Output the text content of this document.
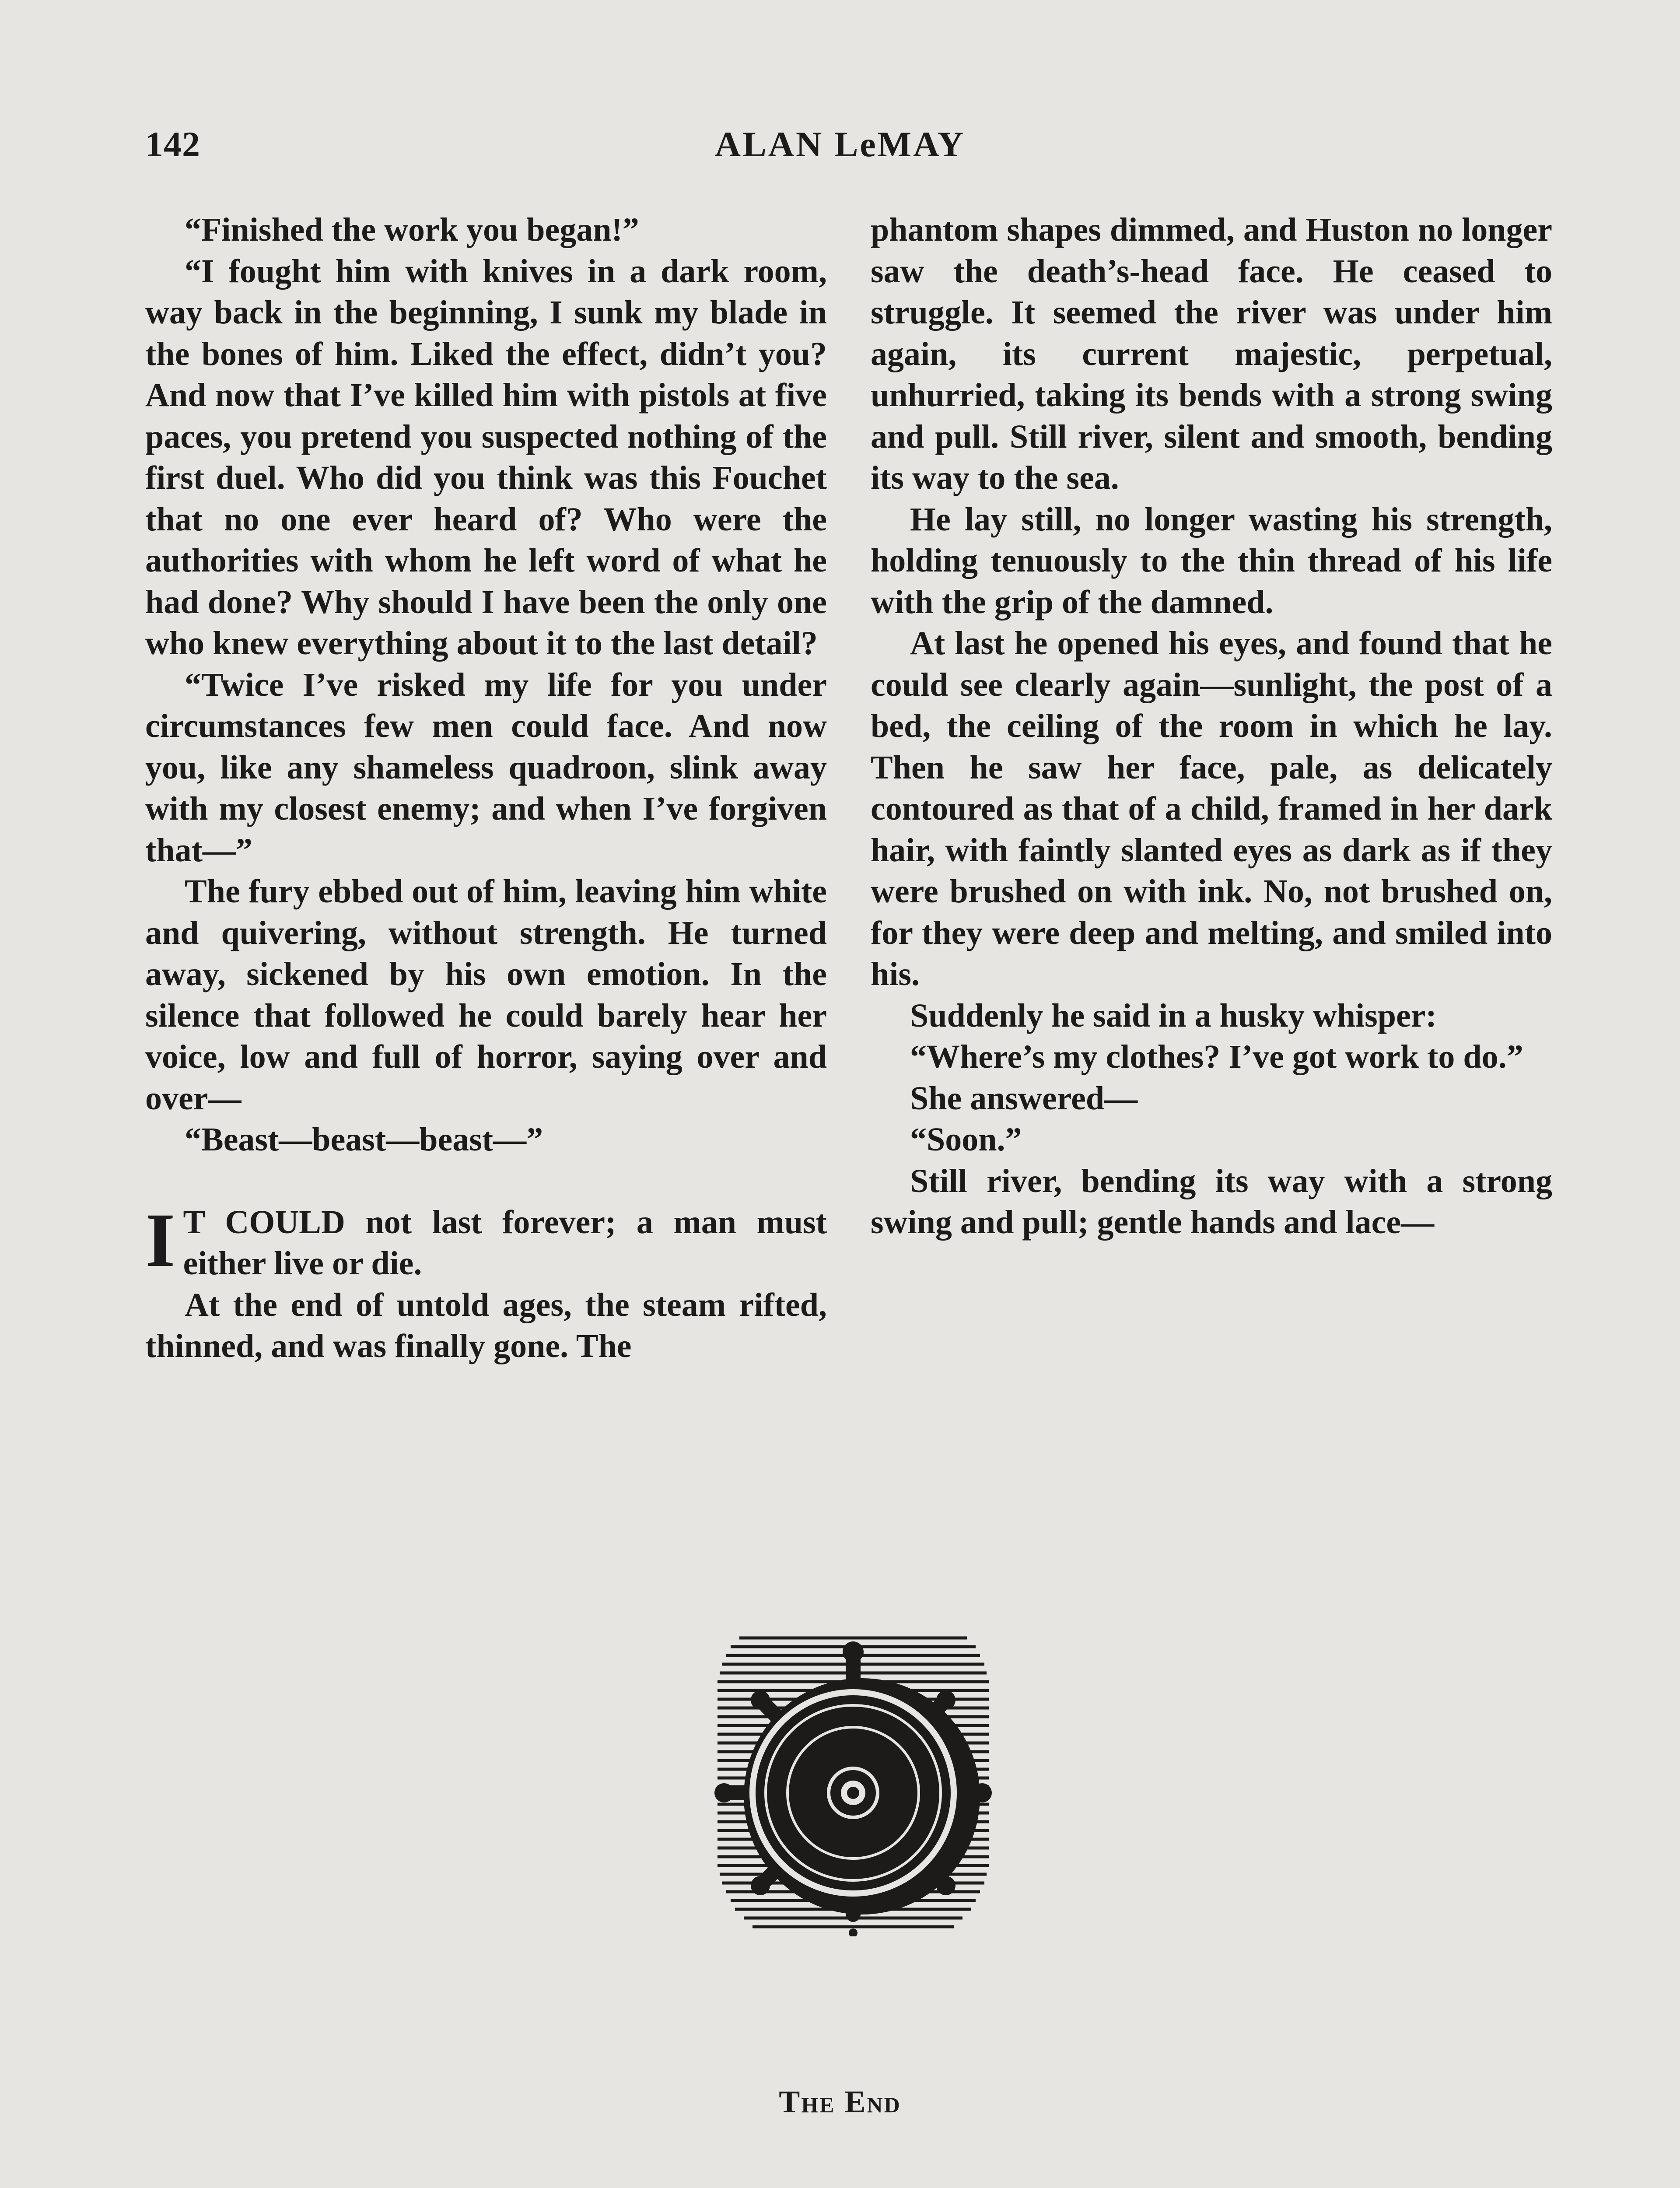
142	ALAN LeMAY

“Finished the work you began!”

“I fought him with knives in a dark room, way back in the beginning, I sunk my blade in the bones of him. Liked the effect, didn’t you? And now that I’ve killed him with pistols at five paces, you pretend you suspected nothing of the first duel. Who did you think was this Fouchet that no one ever heard of? Who were the authorities with whom he left word of what he had done? Why should I have been the only one who knew everything about it to the last detail?

“Twice I’ve risked my life for you under circumstances few men could face. And now you, like any shameless quadroon, slink away with my closest enemy; and when I’ve forgiven that—”

The fury ebbed out of him, leaving him white and quivering, without strength. He turned away, sickened by his own emotion. In the silence that followed he could barely hear her voice, low and full of horror, saying over and over—

“Beast—beast—beast—”

I T COULD not last forever; a man must either live or die.

At the end of untold ages, the steam rifted, thinned, and was finally gone. The

phantom shapes dimmed, and Huston no longer saw the death’s-head face. He ceased to struggle. It seemed the river was under him again, its current majestic, perpetual, unhurried, taking its bends with a strong swing and pull. Still river, silent and smooth, bending its way to the sea.

He lay still, no longer wasting his strength, holding tenuously to the thin thread of his life with the grip of the damned.

At last he opened his eyes, and found that he could see clearly again—sunlight, the post of a bed, the ceiling of the room in which he lay. Then he saw her face, pale, as delicately contoured as that of a child, framed in her dark hair, with faintly slanted eyes as dark as if they were brushed on with ink. No, not brushed on, for they were deep and melting, and smiled into his.

Suddenly he said in a husky whisper:

“Where’s my clothes? I’ve got work to do.”

She answered—

“Soon.”

Still river, bending its way with a strong swing and pull; gentle hands and lace—

The End
